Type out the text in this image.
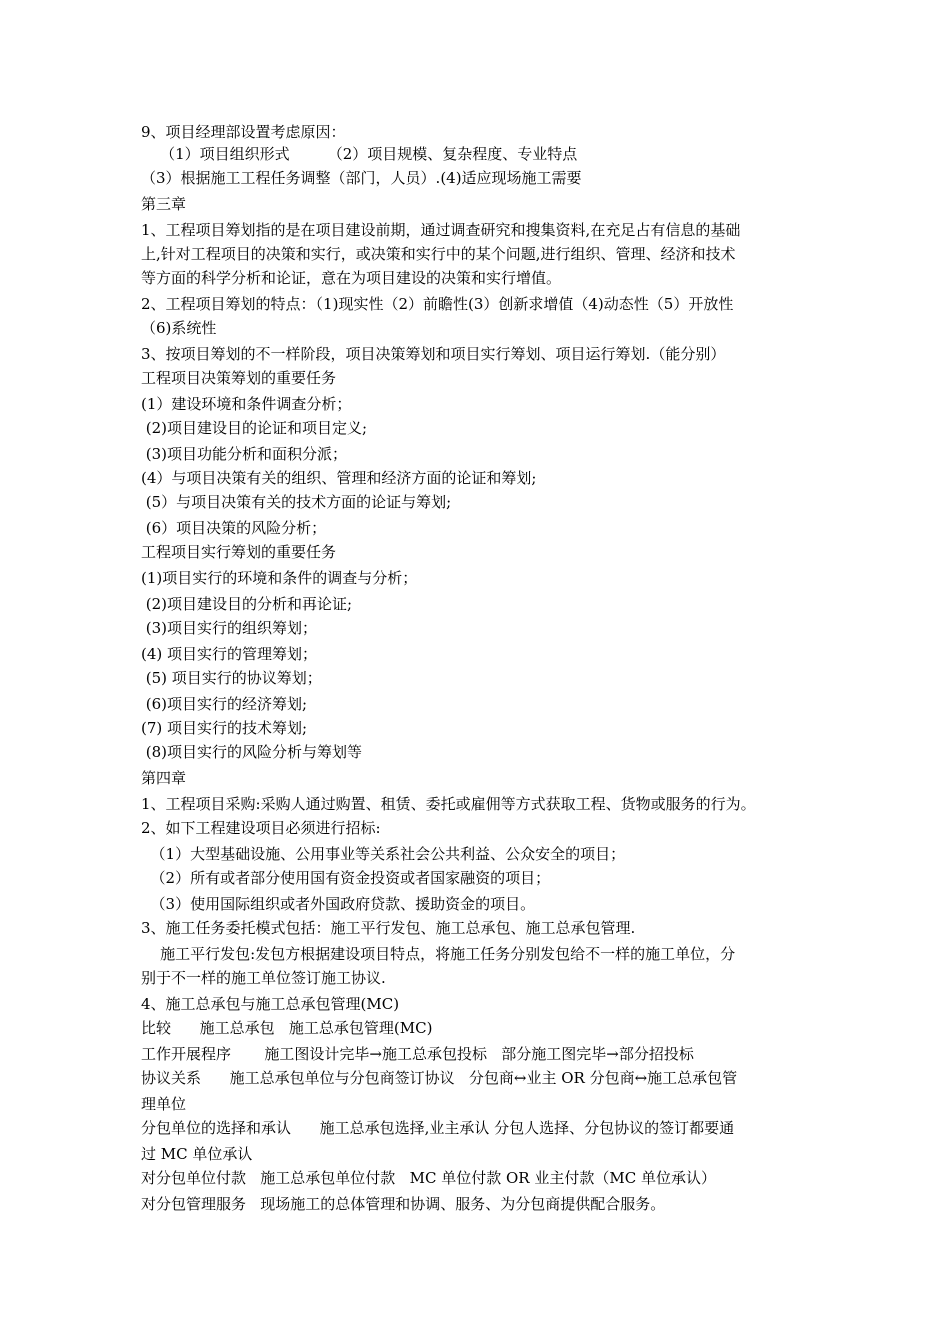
9、项目经理部设置考虑原因：
（1）项目组织形式        （2）项目规模、复杂程度、专业特点
（3）根据施工工程任务调整（部门，人员）.(4)适应现场施工需要
第三章
1、工程项目筹划指的是在项目建设前期，通过调查研究和搜集资料,在充足占有信息的基础
上,针对工程项目的决策和实行，或决策和实行中的某个问题,进行组织、管理、经济和技术
等方面的科学分析和论证，意在为项目建设的决策和实行增值。
2、工程项目筹划的特点：（1)现实性（2）前瞻性(3）创新求增值（4)动态性（5）开放性
（6)系统性
3、按项目筹划的不一样阶段，项目决策筹划和项目实行筹划、项目运行筹划.（能分别）
工程项目决策筹划的重要任务
(1）建设环境和条件调查分析；
(2)项目建设目的论证和项目定义;
(3)项目功能分析和面积分派；
(4）与项目决策有关的组织、管理和经济方面的论证和筹划;
(5）与项目决策有关的技术方面的论证与筹划;
(6）项目决策的风险分析；
工程项目实行筹划的重要任务
(1)项目实行的环境和条件的调查与分析；
(2)项目建设目的分析和再论证;
(3)项目实行的组织筹划；
(4) 项目实行的管理筹划；
(5) 项目实行的协议筹划；
(6)项目实行的经济筹划;
(7) 项目实行的技术筹划;
(8)项目实行的风险分析与筹划等
第四章
1、工程项目采购:采购人通过购置、租赁、委托或雇佣等方式获取工程、货物或服务的行为。
2、如下工程建设项目必须进行招标:
（1）大型基础设施、公用事业等关系社会公共利益、公众安全的项目；
（2）所有或者部分使用国有资金投资或者国家融资的项目；
（3）使用国际组织或者外国政府贷款、援助资金的项目。
3、施工任务委托模式包括：施工平行发包、施工总承包、施工总承包管理.
施工平行发包:发包方根据建设项目特点，将施工任务分别发包给不一样的施工单位，分
别于不一样的施工单位签订施工协议.
4、施工总承包与施工总承包管理(MC)
比较      施工总承包   施工总承包管理(MC)
工作开展程序       施工图设计完毕→施工总承包投标   部分施工图完毕→部分招投标
协议关系      施工总承包单位与分包商签订协议   分包商↔业主 OR 分包商↔施工总承包管
理单位
分包单位的选择和承认      施工总承包选择,业主承认 分包人选择、分包协议的签订都要通
过 MC 单位承认
对分包单位付款   施工总承包单位付款   MC 单位付款 OR 业主付款（MC 单位承认）
对分包管理服务   现场施工的总体管理和协调、服务、为分包商提供配合服务。
